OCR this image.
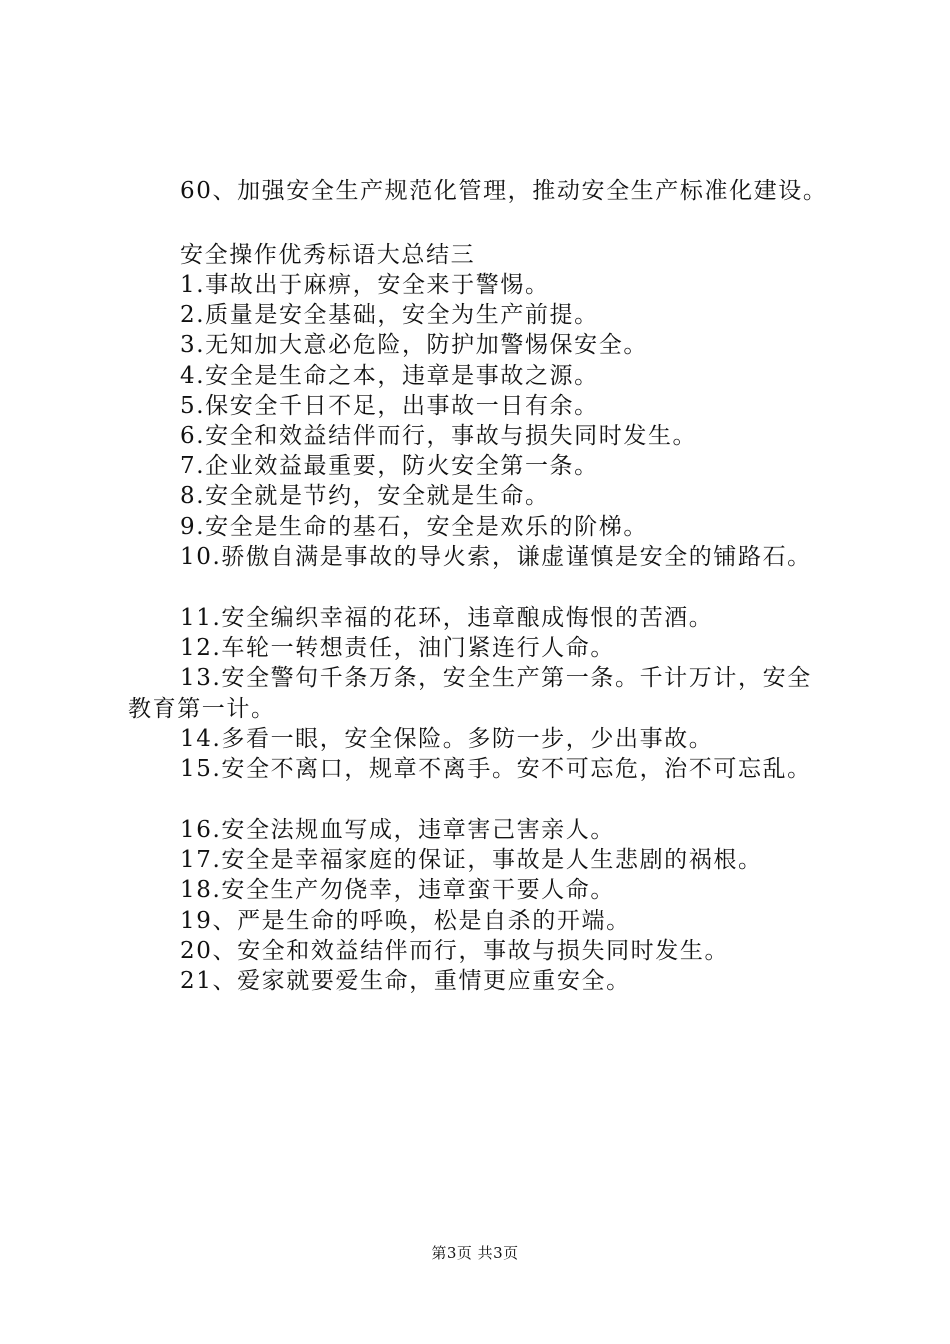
60、加强安全生产规范化管理，推动安全生产标准化建设。
安全操作优秀标语大总结三
1.事故出于麻痹，安全来于警惕。
2.质量是安全基础，安全为生产前提。
3.无知加大意必危险，防护加警惕保安全。
4.安全是生命之本，违章是事故之源。
5.保安全千日不足，出事故一日有余。
6.安全和效益结伴而行，事故与损失同时发生。
7.企业效益最重要，防火安全第一条。
8.安全就是节约，安全就是生命。
9.安全是生命的基石，安全是欢乐的阶梯。
10.骄傲自满是事故的导火索，谦虚谨慎是安全的铺路石。
11.安全编织幸福的花环，违章酿成悔恨的苦酒。
12.车轮一转想责任，油门紧连行人命。
13.安全警句千条万条，安全生产第一条。千计万计，安全
教育第一计。
14.多看一眼，安全保险。多防一步，少出事故。
15.安全不离口，规章不离手。安不可忘危，治不可忘乱。
16.安全法规血写成，违章害己害亲人。
17.安全是幸福家庭的保证，事故是人生悲剧的祸根。
18.安全生产勿侥幸，违章蛮干要人命。
19、严是生命的呼唤，松是自杀的开端。
20、安全和效益结伴而行，事故与损失同时发生。
21、爱家就要爱生命，重情更应重安全。
第3页 共3页
